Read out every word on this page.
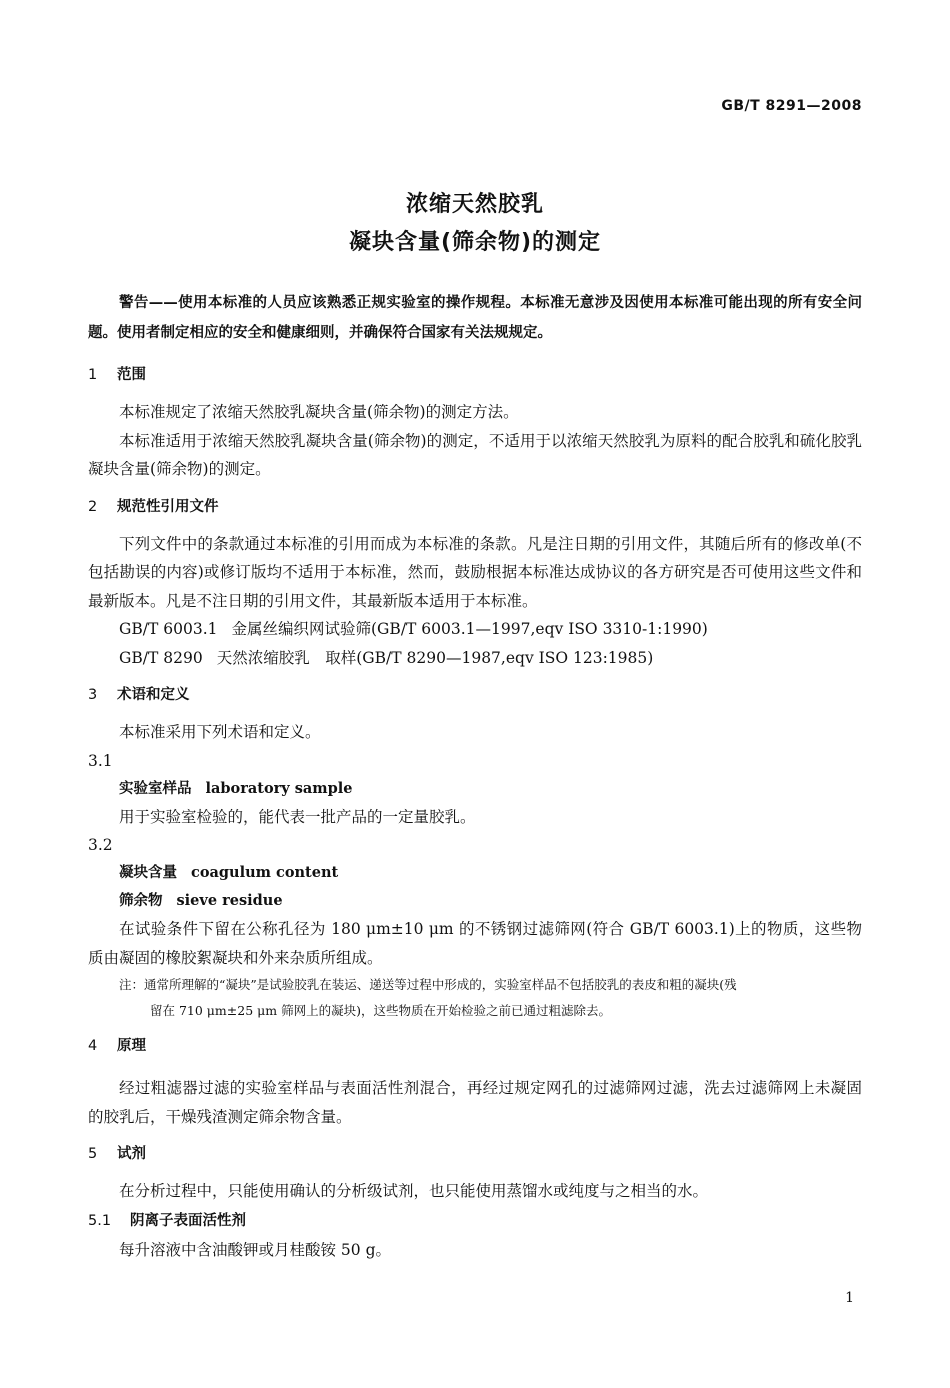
GB/T 8291—2008
浓缩天然胶乳
凝块含量(筛余物)的测定

警告——使用本标准的人员应该熟悉正规实验室的操作规程。本标准无意涉及因使用本标准可能出现的所有安全问题。使用者制定相应的安全和健康细则，并确保符合国家有关法规规定。

1 范围

本标准规定了浓缩天然胶乳凝块含量(筛余物)的测定方法。

本标准适用于浓缩天然胶乳凝块含量(筛余物)的测定，不适用于以浓缩天然胶乳为原料的配合胶乳和硫化胶乳凝块含量(筛余物)的测定。

2 规范性引用文件

下列文件中的条款通过本标准的引用而成为本标准的条款。凡是注日期的引用文件，其随后所有的修改单(不包括勘误的内容)或修订版均不适用于本标准，然而，鼓励根据本标准达成协议的各方研究是否可使用这些文件和最新版本。凡是不注日期的引用文件，其最新版本适用于本标准。

GB/T 6003.1 金属丝编织网试验筛(GB/T 6003.1—1997,eqv ISO 3310-1:1990)

GB/T 8290 天然浓缩胶乳　取样(GB/T 8290—1987,eqv ISO 123:1985)

3 术语和定义

本标准采用下列术语和定义。

3.1

实验室样品 laboratory sample

用于实验室检验的，能代表一批产品的一定量胶乳。

3.2

凝块含量 coagulum content

筛余物 sieve residue

在试验条件下留在公称孔径为 180 μm±10 μm 的不锈钢过滤筛网(符合 GB/T 6003.1)上的物质，这些物质由凝固的橡胶絮凝块和外来杂质所组成。

注：通常所理解的“凝块”是试验胶乳在装运、递送等过程中形成的，实验室样品不包括胶乳的表皮和粗的凝块(残
留在 710 μm±25 μm 筛网上的凝块)，这些物质在开始检验之前已通过粗滤除去。

4 原理

经过粗滤器过滤的实验室样品与表面活性剂混合，再经过规定网孔的过滤筛网过滤，洗去过滤筛网上未凝固的胶乳后，干燥残渣测定筛余物含量。

5 试剂

在分析过程中，只能使用确认的分析级试剂，也只能使用蒸馏水或纯度与之相当的水。

5.1 阴离子表面活性剂

每升溶液中含油酸钾或月桂酸铵 50 g。

1
